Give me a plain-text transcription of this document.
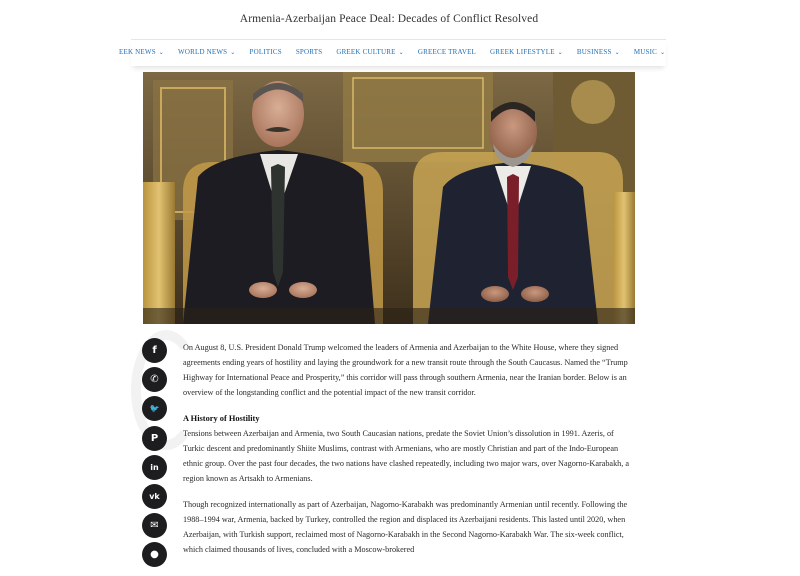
Armenia-Azerbaijan Peace Deal: Decades of Conflict Resolved
EEK NEWS ⌄ WORLD NEWS ⌄ POLITICS SPORTS GREEK CULTURE ⌄ GREECE TRAVEL GREEK LIFESTYLE ⌄ BUSINESS ⌄ MUSIC ⌄
f
✆
🐦
P
in
vk
✉
●

On August 8, U.S. President Donald Trump welcomed the leaders of Armenia and Azerbaijan to the White House, where they signed agreements ending years of hostility and laying the groundwork for a new transit route through the South Caucasus. Named the “Trump Highway for International Peace and Prosperity,” this corridor will pass through southern Armenia, near the Iranian border. Below is an overview of the longstanding conflict and the potential impact of the new transit corridor.

A History of Hostility

Tensions between Azerbaijan and Armenia, two South Caucasian nations, predate the Soviet Union’s dissolution in 1991. Azeris, of Turkic descent and predominantly Shiite Muslims, contrast with Armenians, who are mostly Christian and part of the Indo-European ethnic group. Over the past four decades, the two nations have clashed repeatedly, including two major wars, over Nagorno-Karabakh, a region known as Artsakh to Armenians.

Though recognized internationally as part of Azerbaijan, Nagorno-Karabakh was predominantly Armenian until recently. Following the 1988–1994 war, Armenia, backed by Turkey, controlled the region and displaced its Azerbaijani residents. This lasted until 2020, when Azerbaijan, with Turkish support, reclaimed most of Nagorno-Karabakh in the Second Nagorno-Karabakh War. The six-week conflict, which claimed thousands of lives, concluded with a Moscow-brokered
